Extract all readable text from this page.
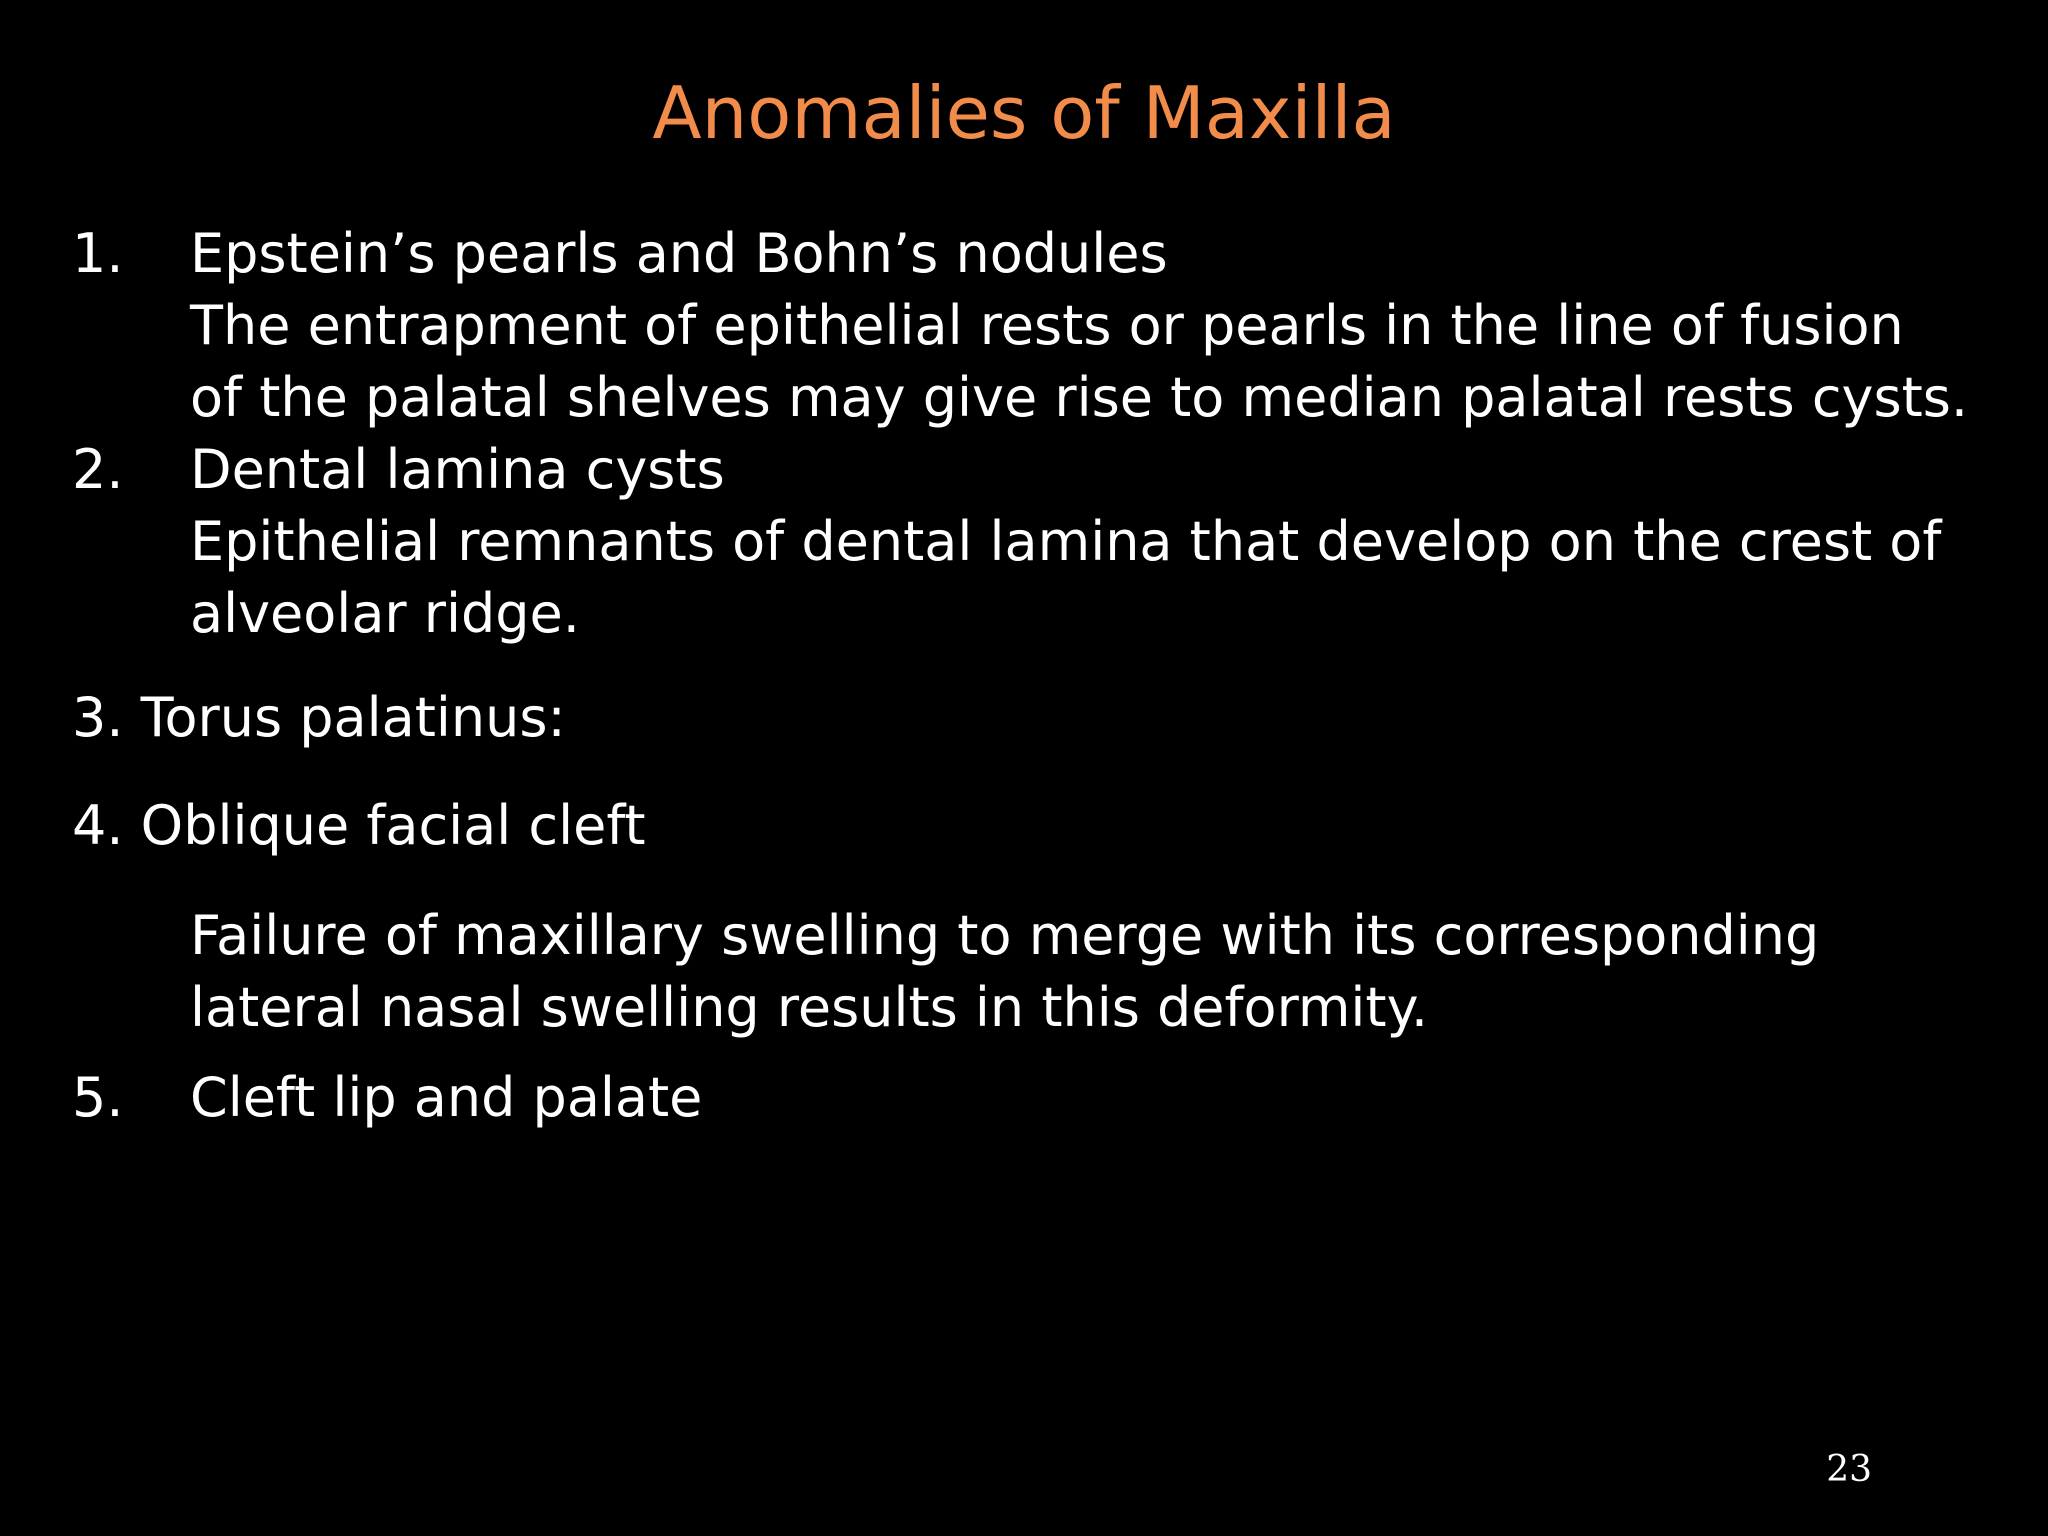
Anomalies of Maxilla
1. Epstein’s pearls and Bohn’s nodules
The entrapment of epithelial rests or pearls in the line of fusion
of the palatal shelves may give rise to median palatal rests cysts.
2. Dental lamina cysts
Epithelial remnants of dental lamina that develop on the crest of
alveolar ridge.
3. Torus palatinus:
4. Oblique facial cleft
Failure of maxillary swelling to merge with its corresponding
lateral nasal swelling results in this deformity.
5. Cleft lip and palate
23
